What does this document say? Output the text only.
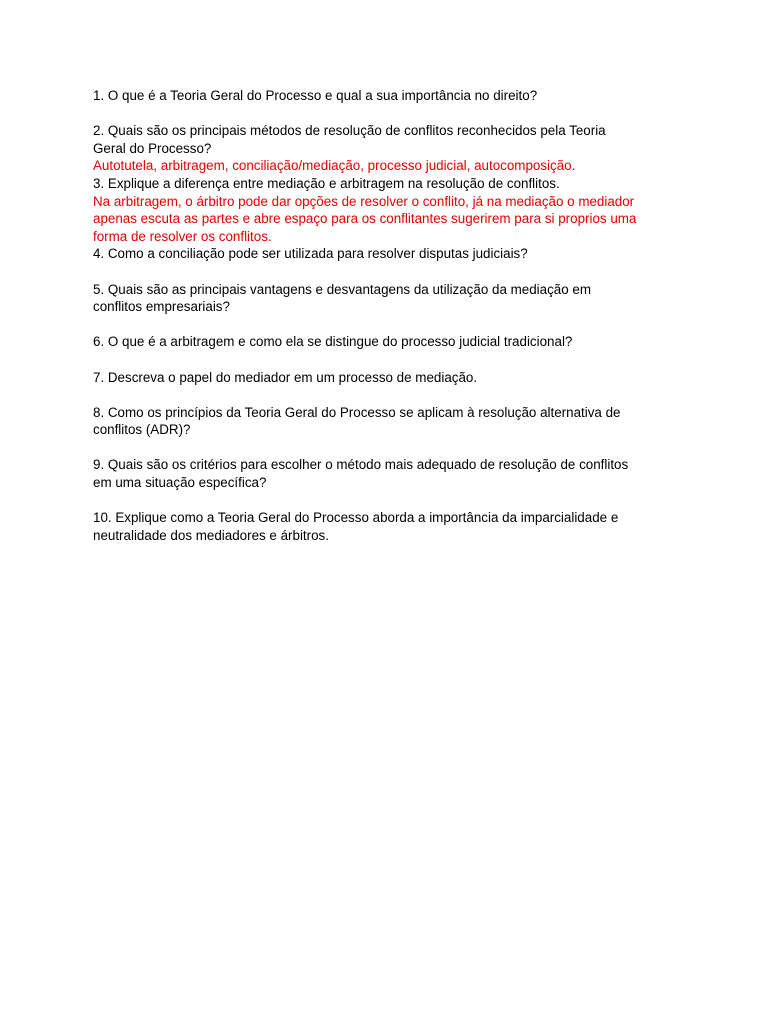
1. O que é a Teoria Geral do Processo e qual a sua importância no direito?
2. Quais são os principais métodos de resolução de conflitos reconhecidos pela Teoria
Geral do Processo?
Autotutela, arbitragem, conciliação/mediação, processo judicial, autocomposição.
3. Explique a diferença entre mediação e arbitragem na resolução de conflitos.
Na arbitragem, o árbitro pode dar opções de resolver o conflito, já na mediação o mediador
apenas escuta as partes e abre espaço para os conflitantes sugerirem para si proprios uma
forma de resolver os conflitos.
4. Como a conciliação pode ser utilizada para resolver disputas judiciais?
5. Quais são as principais vantagens e desvantagens da utilização da mediação em
conflitos empresariais?
6. O que é a arbitragem e como ela se distingue do processo judicial tradicional?
7. Descreva o papel do mediador em um processo de mediação.
8. Como os princípios da Teoria Geral do Processo se aplicam à resolução alternativa de
conflitos (ADR)?
9. Quais são os critérios para escolher o método mais adequado de resolução de conflitos
em uma situação específica?
10. Explique como a Teoria Geral do Processo aborda a importância da imparcialidade e
neutralidade dos mediadores e árbitros.
